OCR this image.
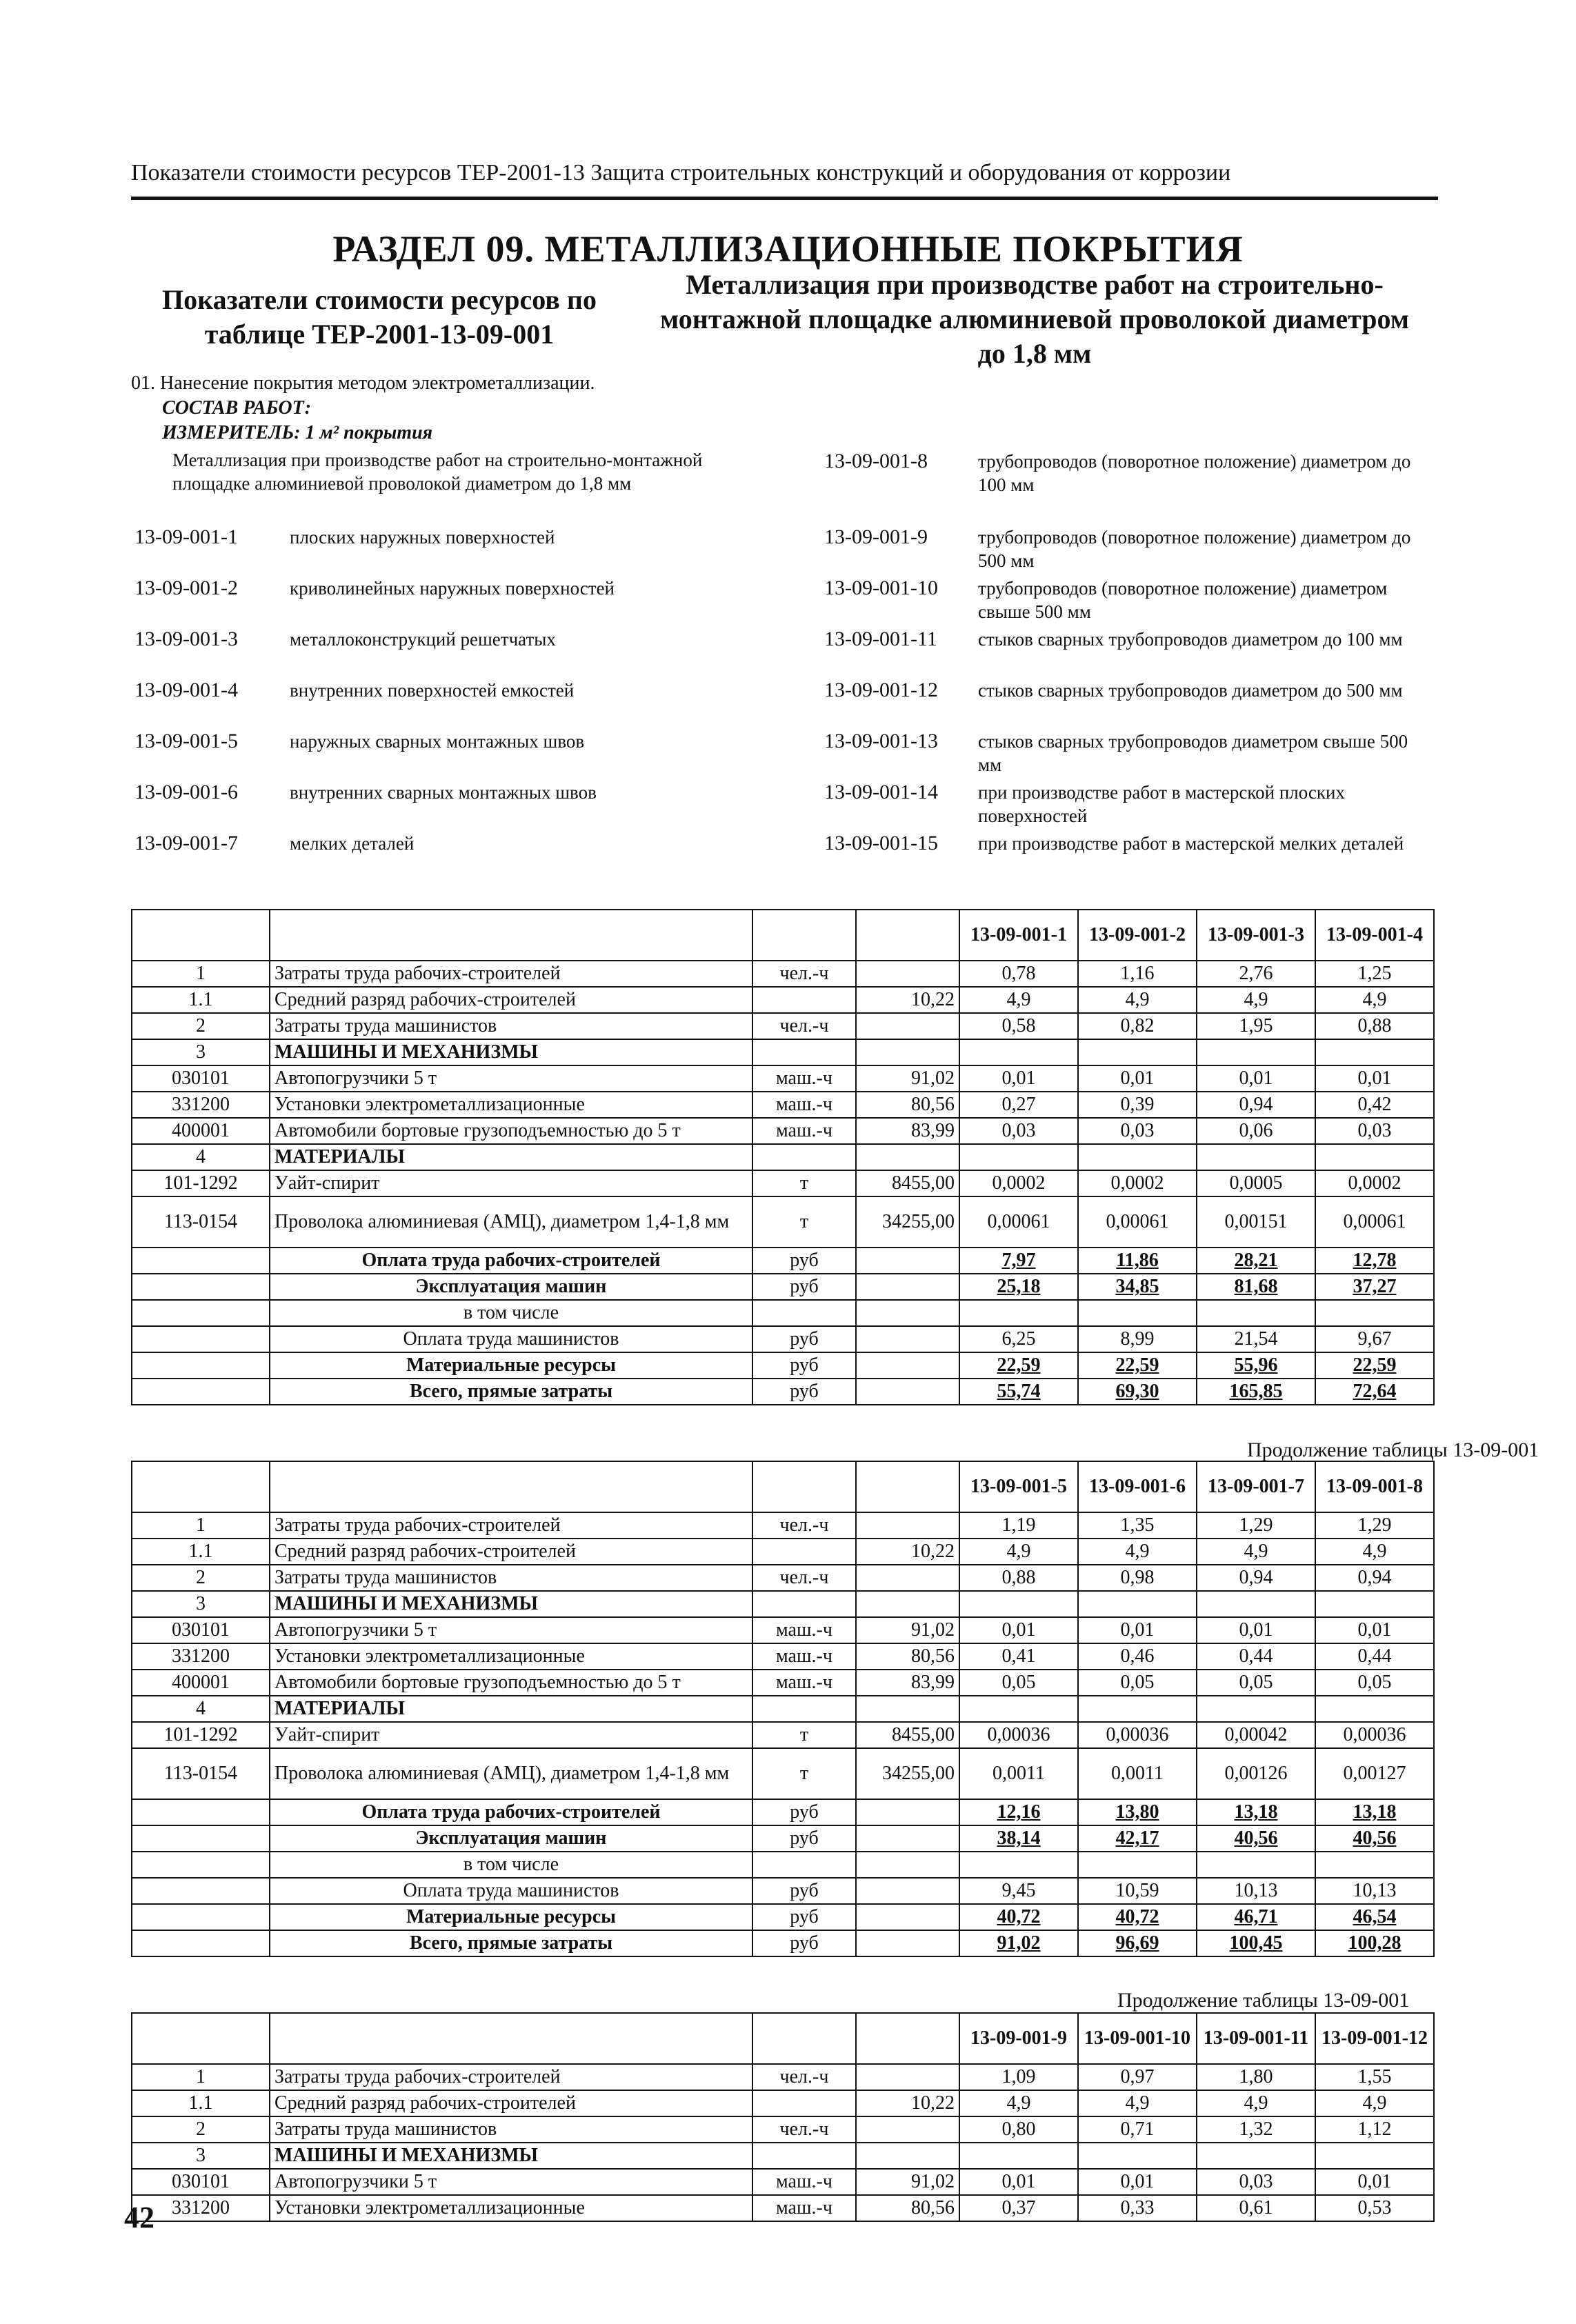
Показатели стоимости ресурсов ТЕР-2001-13 Защита строительных конструкций и оборудования от коррозии
РАЗДЕЛ 09. МЕТАЛЛИЗАЦИОННЫЕ ПОКРЫТИЯ
Показатели стоимости ресурсов по
таблице ТЕР-2001-13-09-001
Металлизация при производстве работ на строительно-
монтажной площадке алюминиевой проволокой диаметром
до 1,8 мм
01. Нанесение покрытия методом электрометаллизации.
СОСТАВ РАБОТ:
ИЗМЕРИТЕЛЬ: 1 м² покрытия
Металлизация при производстве работ на строительно-монтажной площадке алюминиевой проволокой диаметром до 1,8 мм
13-09-001-1	плоских наружных поверхностей
13-09-001-2	криволинейных наружных поверхностей
13-09-001-3	металлоконструкций решетчатых
13-09-001-4	внутренних поверхностей емкостей
13-09-001-5	наружных сварных монтажных швов
13-09-001-6	внутренних сварных монтажных швов
13-09-001-7	мелких деталей
13-09-001-8	трубопроводов (поворотное положение) диаметром до 100 мм
13-09-001-9	трубопроводов (поворотное положение) диаметром до 500 мм
13-09-001-10 трубопроводов (поворотное положение) диаметром свыше 500 мм
13-09-001-11 стыков сварных трубопроводов диаметром до 100 мм
13-09-001-12 стыков сварных трубопроводов диаметром до 500 мм
13-09-001-13 стыков сварных трубопроводов диаметром свыше 500 мм
13-09-001-14 при производстве работ в мастерской плоских поверхностей
13-09-001-15 при производстве работ в мастерской мелких деталей
				13-09-001-1	13-09-001-2	13-09-001-3	13-09-001-4
1	Затраты труда рабочих-строителей	чел.-ч		0,78	1,16	2,76	1,25
1.1	Средний разряд рабочих-строителей		10,22	4,9	4,9	4,9	4,9
2	Затраты труда машинистов	чел.-ч		0,58	0,82	1,95	0,88
3	МАШИНЫ И МЕХАНИЗМЫ						
030101	Автопогрузчики 5 т	маш.-ч	91,02	0,01	0,01	0,01	0,01
331200	Установки электрометаллизационные	маш.-ч	80,56	0,27	0,39	0,94	0,42
400001	Автомобили бортовые грузоподъемностью до 5 т	маш.-ч	83,99	0,03	0,03	0,06	0,03
4	МАТЕРИАЛЫ						
101-1292	Уайт-спирит	т	8455,00	0,0002	0,0002	0,0005	0,0002
113-0154	Проволока алюминиевая (АМЦ), диаметром 1,4-1,8 мм	т	34255,00	0,00061	0,00061	0,00151	0,00061
	Оплата труда рабочих-строителей	руб		7,97	11,86	28,21	12,78
	Эксплуатация машин	руб		25,18	34,85	81,68	37,27
	в том числе						
	Оплата труда машинистов	руб		6,25	8,99	21,54	9,67
	Материальные ресурсы	руб		22,59	22,59	55,96	22,59
	Всего, прямые затраты	руб		55,74	69,30	165,85	72,64
Продолжение таблицы 13-09-001
				13-09-001-5	13-09-001-6	13-09-001-7	13-09-001-8
1	Затраты труда рабочих-строителей	чел.-ч		1,19	1,35	1,29	1,29
1.1	Средний разряд рабочих-строителей		10,22	4,9	4,9	4,9	4,9
2	Затраты труда машинистов	чел.-ч		0,88	0,98	0,94	0,94
3	МАШИНЫ И МЕХАНИЗМЫ						
030101	Автопогрузчики 5 т	маш.-ч	91,02	0,01	0,01	0,01	0,01
331200	Установки электрометаллизационные	маш.-ч	80,56	0,41	0,46	0,44	0,44
400001	Автомобили бортовые грузоподъемностью до 5 т	маш.-ч	83,99	0,05	0,05	0,05	0,05
4	МАТЕРИАЛЫ						
101-1292	Уайт-спирит	т	8455,00	0,00036	0,00036	0,00042	0,00036
113-0154	Проволока алюминиевая (АМЦ), диаметром 1,4-1,8 мм	т	34255,00	0,0011	0,0011	0,00126	0,00127
	Оплата труда рабочих-строителей	руб		12,16	13,80	13,18	13,18
	Эксплуатация машин	руб		38,14	42,17	40,56	40,56
	в том числе						
	Оплата труда машинистов	руб		9,45	10,59	10,13	10,13
	Материальные ресурсы	руб		40,72	40,72	46,71	46,54
	Всего, прямые затраты	руб		91,02	96,69	100,45	100,28
Продолжение таблицы 13-09-001
				13-09-001-9	13-09-001-10	13-09-001-11	13-09-001-12
1	Затраты труда рабочих-строителей	чел.-ч		1,09	0,97	1,80	1,55
1.1	Средний разряд рабочих-строителей		10,22	4,9	4,9	4,9	4,9
2	Затраты труда машинистов	чел.-ч		0,80	0,71	1,32	1,12
3	МАШИНЫ И МЕХАНИЗМЫ						
030101	Автопогрузчики 5 т	маш.-ч	91,02	0,01	0,01	0,03	0,01
331200	Установки электрометаллизационные	маш.-ч	80,56	0,37	0,33	0,61	0,53
42
